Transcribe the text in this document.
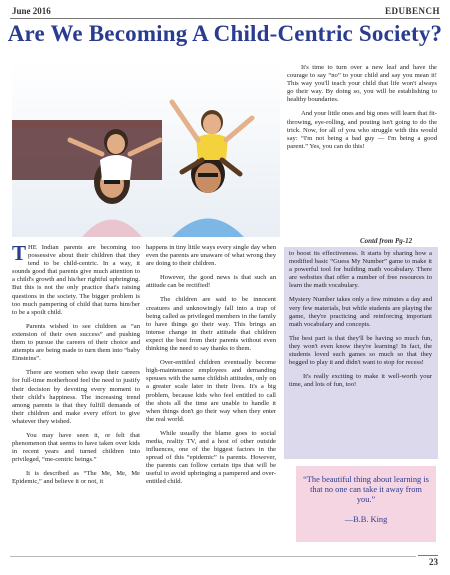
June 2016	EDUBENCH
Are We Becoming A Child-Centric Society?

It's time to turn over a new leaf and have the courage to say “no” to your child and say you mean it! This way you'll teach your child that life won't always go their way. By doing so, you will be establishing to healthy boundaries.

And your little ones and big ones will learn that fit-throwing, eye-rolling, and pouting isn't going to do the trick. Now, for all of you who struggle with this would say: “I'm not being a bad guy — I'm being a good parent.” Yes, you can do this!

Contd from Pg-12

THE Indian parents are becoming too possessive about their children that they tend to be child-centric. In a way, it sounds good that parents give much attention to a child's growth and his/her rightful upbringing. But this is not the only practice that's raising questions in the society. The bigger problem is too much pampering of child that turns him/her to be a spoilt child.

Parents wished to see children as “an extension of their own success” and pushing them to pursue the careers of their choice and attempts are being made to turn them into “baby Einsteins”.

There are women who swap their careers for full-time motherhood feel the need to justify their decision by devoting every moment to their child's happiness. The increasing trend among parents is that they fulfill demands of their children and make every effort to give whatever they wished.

You may have seen it, or felt that phenomenon that seems to have taken over kids in recent years and turned children into privileged, “me-centric beings.”

It is described as “The Me, Me, Me Epidemic,” and believe it or not, it

happens in tiny little ways every single day when even the parents are unaware of what wrong they are doing to their children.

However, the good news is that such an attitude can be rectified!

The children are said to be innocent creatures and unknowingly fall into a trap of being called as privileged members in the family to have things go their way. This brings an intense change in their attitude that children expect the best from their parents without even thinking the need to say thanks to them.

Over-entitled children eventually become high-maintenance employees and demanding spouses with the same childish attitudes, only on a greater scale later in their lives. It's a big problem, because kids who feel entitled to call the shots all the time are unable to handle it when things don't go their way when they enter the real world.

While usually the blame goes to social media, reality TV, and a host of other outside influences, one of the biggest factors in the spread of this “epidemic” is parents. However, the parents can follow certain tips that will be useful to avoid upbringing a pampered and over-entitled child.

to boost its effectiveness. It starts by sharing how a modified basic “Guess My Number” game to make it a powerful tool for building math vocabulary. There are websites that offer a number of free resources to learn the math vocabulary.

Mystery Number takes only a few minutes a day and very few materials, but while students are playing the game, they're practicing and reinforcing important math vocabulary and concepts.

The best part is that they'll be having so much fun, they won't even know they're learning! In fact, the students loved such games so much so that they begged to play it and didn't want to stop for recess!

It's really exciting to make it well-worth your time, and lots of fun, too!

“The beautiful thing about learning is that no one can take it away from you.”
—B.B. King
23
